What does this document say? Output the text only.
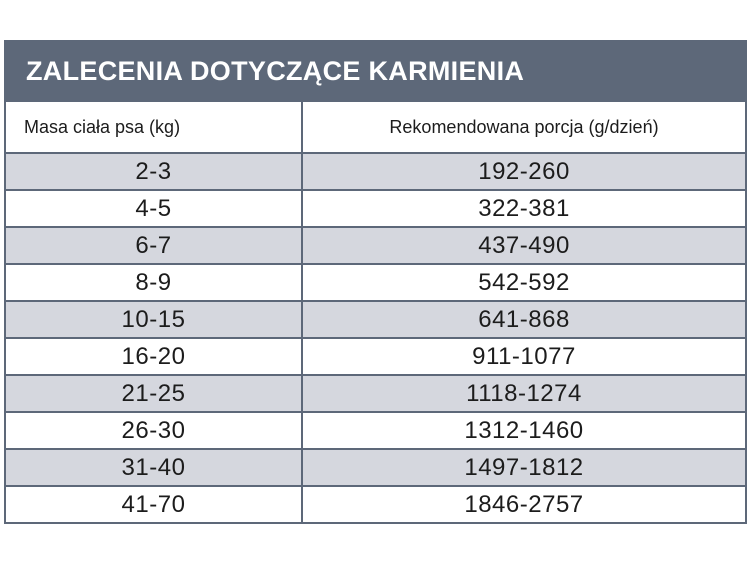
ZALECENIA DOTYCZĄCE KARMIENIA	
Masa ciała psa (kg)	Rekomendowana porcja (g/dzień)
2-3	192-260
4-5	322-381
6-7	437-490
8-9	542-592
10-15	641-868
16-20	911-1077
21-25	1118-1274
26-30	1312-1460
31-40	1497-1812
41-70	1846-2757
